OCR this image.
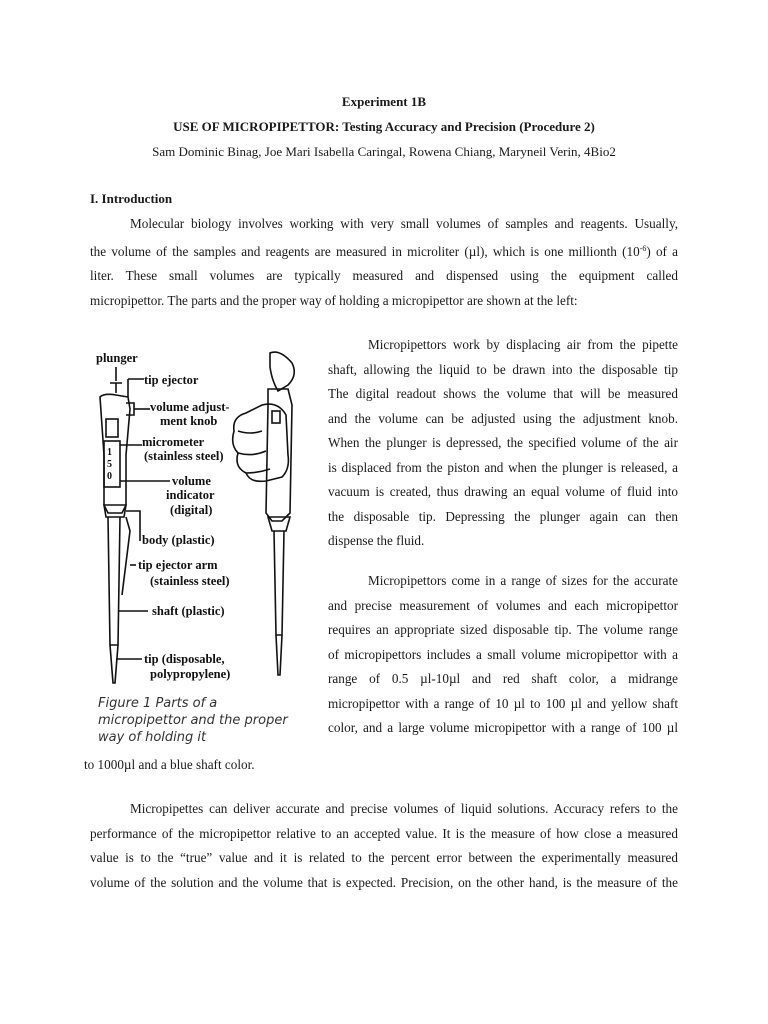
Experiment 1B

USE OF MICROPIPETTOR: Testing Accuracy and Precision (Procedure 2)

Sam Dominic Binag, Joe Mari Isabella Caringal, Rowena Chiang, Maryneil Verin, 4Bio2

I. Introduction

Molecular biology involves working with very small volumes of samples and reagents. Usually,
the volume of the samples and reagents are measured in microliter (µl), which is one millionth $(10^{-6})$ of a
liter. These small volumes are typically measured and dispensed using the equipment called
micropipettor. The parts and the proper way of holding a micropipettor are shown at the left:
plunger
tip ejector
volume adjust-
ment knob
micrometer
(stainless steel)
volume
indicator
(digital)
body (plastic)
tip ejector arm
(stainless steel)
shaft (plastic)
tip (disposable,
polypropylene)
1
5
0
Figure 1 Parts of a
micropipettor and the proper
way of holding it
Micropipettors work by displacing air from the pipette
shaft, allowing the liquid to be drawn into the disposable tip
The digital readout shows the volume that will be measured
and the volume can be adjusted using the adjustment knob.
When the plunger is depressed, the specified volume of the air
is displaced from the piston and when the plunger is released, a
vacuum is created, thus drawing an equal volume of fluid into
the disposable tip. Depressing the plunger again can then
dispense the fluid.
Micropipettors come in a range of sizes for the accurate
and precise measurement of volumes and each micropipettor
requires an appropriate sized disposable tip. The volume range
of micropipettors includes a small volume micropipettor with a
range of 0.5 µl-10µl and red shaft color, a midrange
micropipettor with a range of 10 µl to 100 µl and yellow shaft
color, and a large volume micropipettor with a range of 100 µl

to 1000µl and a blue shaft color.

Micropipettes can deliver accurate and precise volumes of liquid solutions. Accuracy refers to the
performance of the micropipettor relative to an accepted value. It is the measure of how close a measured
value is to the “true” value and it is related to the percent error between the experimentally measured
volume of the solution and the volume that is expected. Precision, on the other hand, is the measure of the
